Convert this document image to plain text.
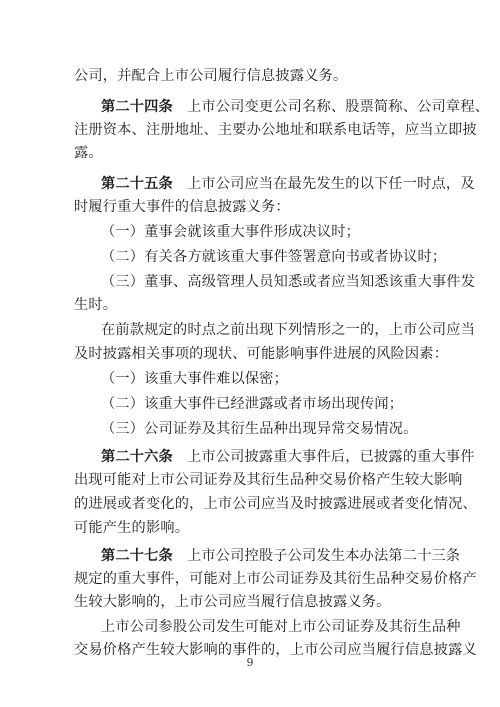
公司，并配合上市公司履行信息披露义务。
第二十四条 上市公司变更公司名称、股票简称、公司章程、
注册资本、注册地址、主要办公地址和联系电话等，应当立即披
露。
第二十五条 上市公司应当在最先发生的以下任一时点，及
时履行重大事件的信息披露义务：
（一）董事会就该重大事件形成决议时；
（二）有关各方就该重大事件签署意向书或者协议时；
（三）董事、高级管理人员知悉或者应当知悉该重大事件发
生时。
在前款规定的时点之前出现下列情形之一的，上市公司应当
及时披露相关事项的现状、可能影响事件进展的风险因素：
（一）该重大事件难以保密；
（二）该重大事件已经泄露或者市场出现传闻；
（三）公司证券及其衍生品种出现异常交易情况。
第二十六条 上市公司披露重大事件后，已披露的重大事件
出现可能对上市公司证券及其衍生品种交易价格产生较大影响
的进展或者变化的，上市公司应当及时披露进展或者变化情况、
可能产生的影响。
第二十七条 上市公司控股子公司发生本办法第二十三条
规定的重大事件，可能对上市公司证券及其衍生品种交易价格产
生较大影响的，上市公司应当履行信息披露义务。
上市公司参股公司发生可能对上市公司证券及其衍生品种
交易价格产生较大影响的事件的，上市公司应当履行信息披露义
9
